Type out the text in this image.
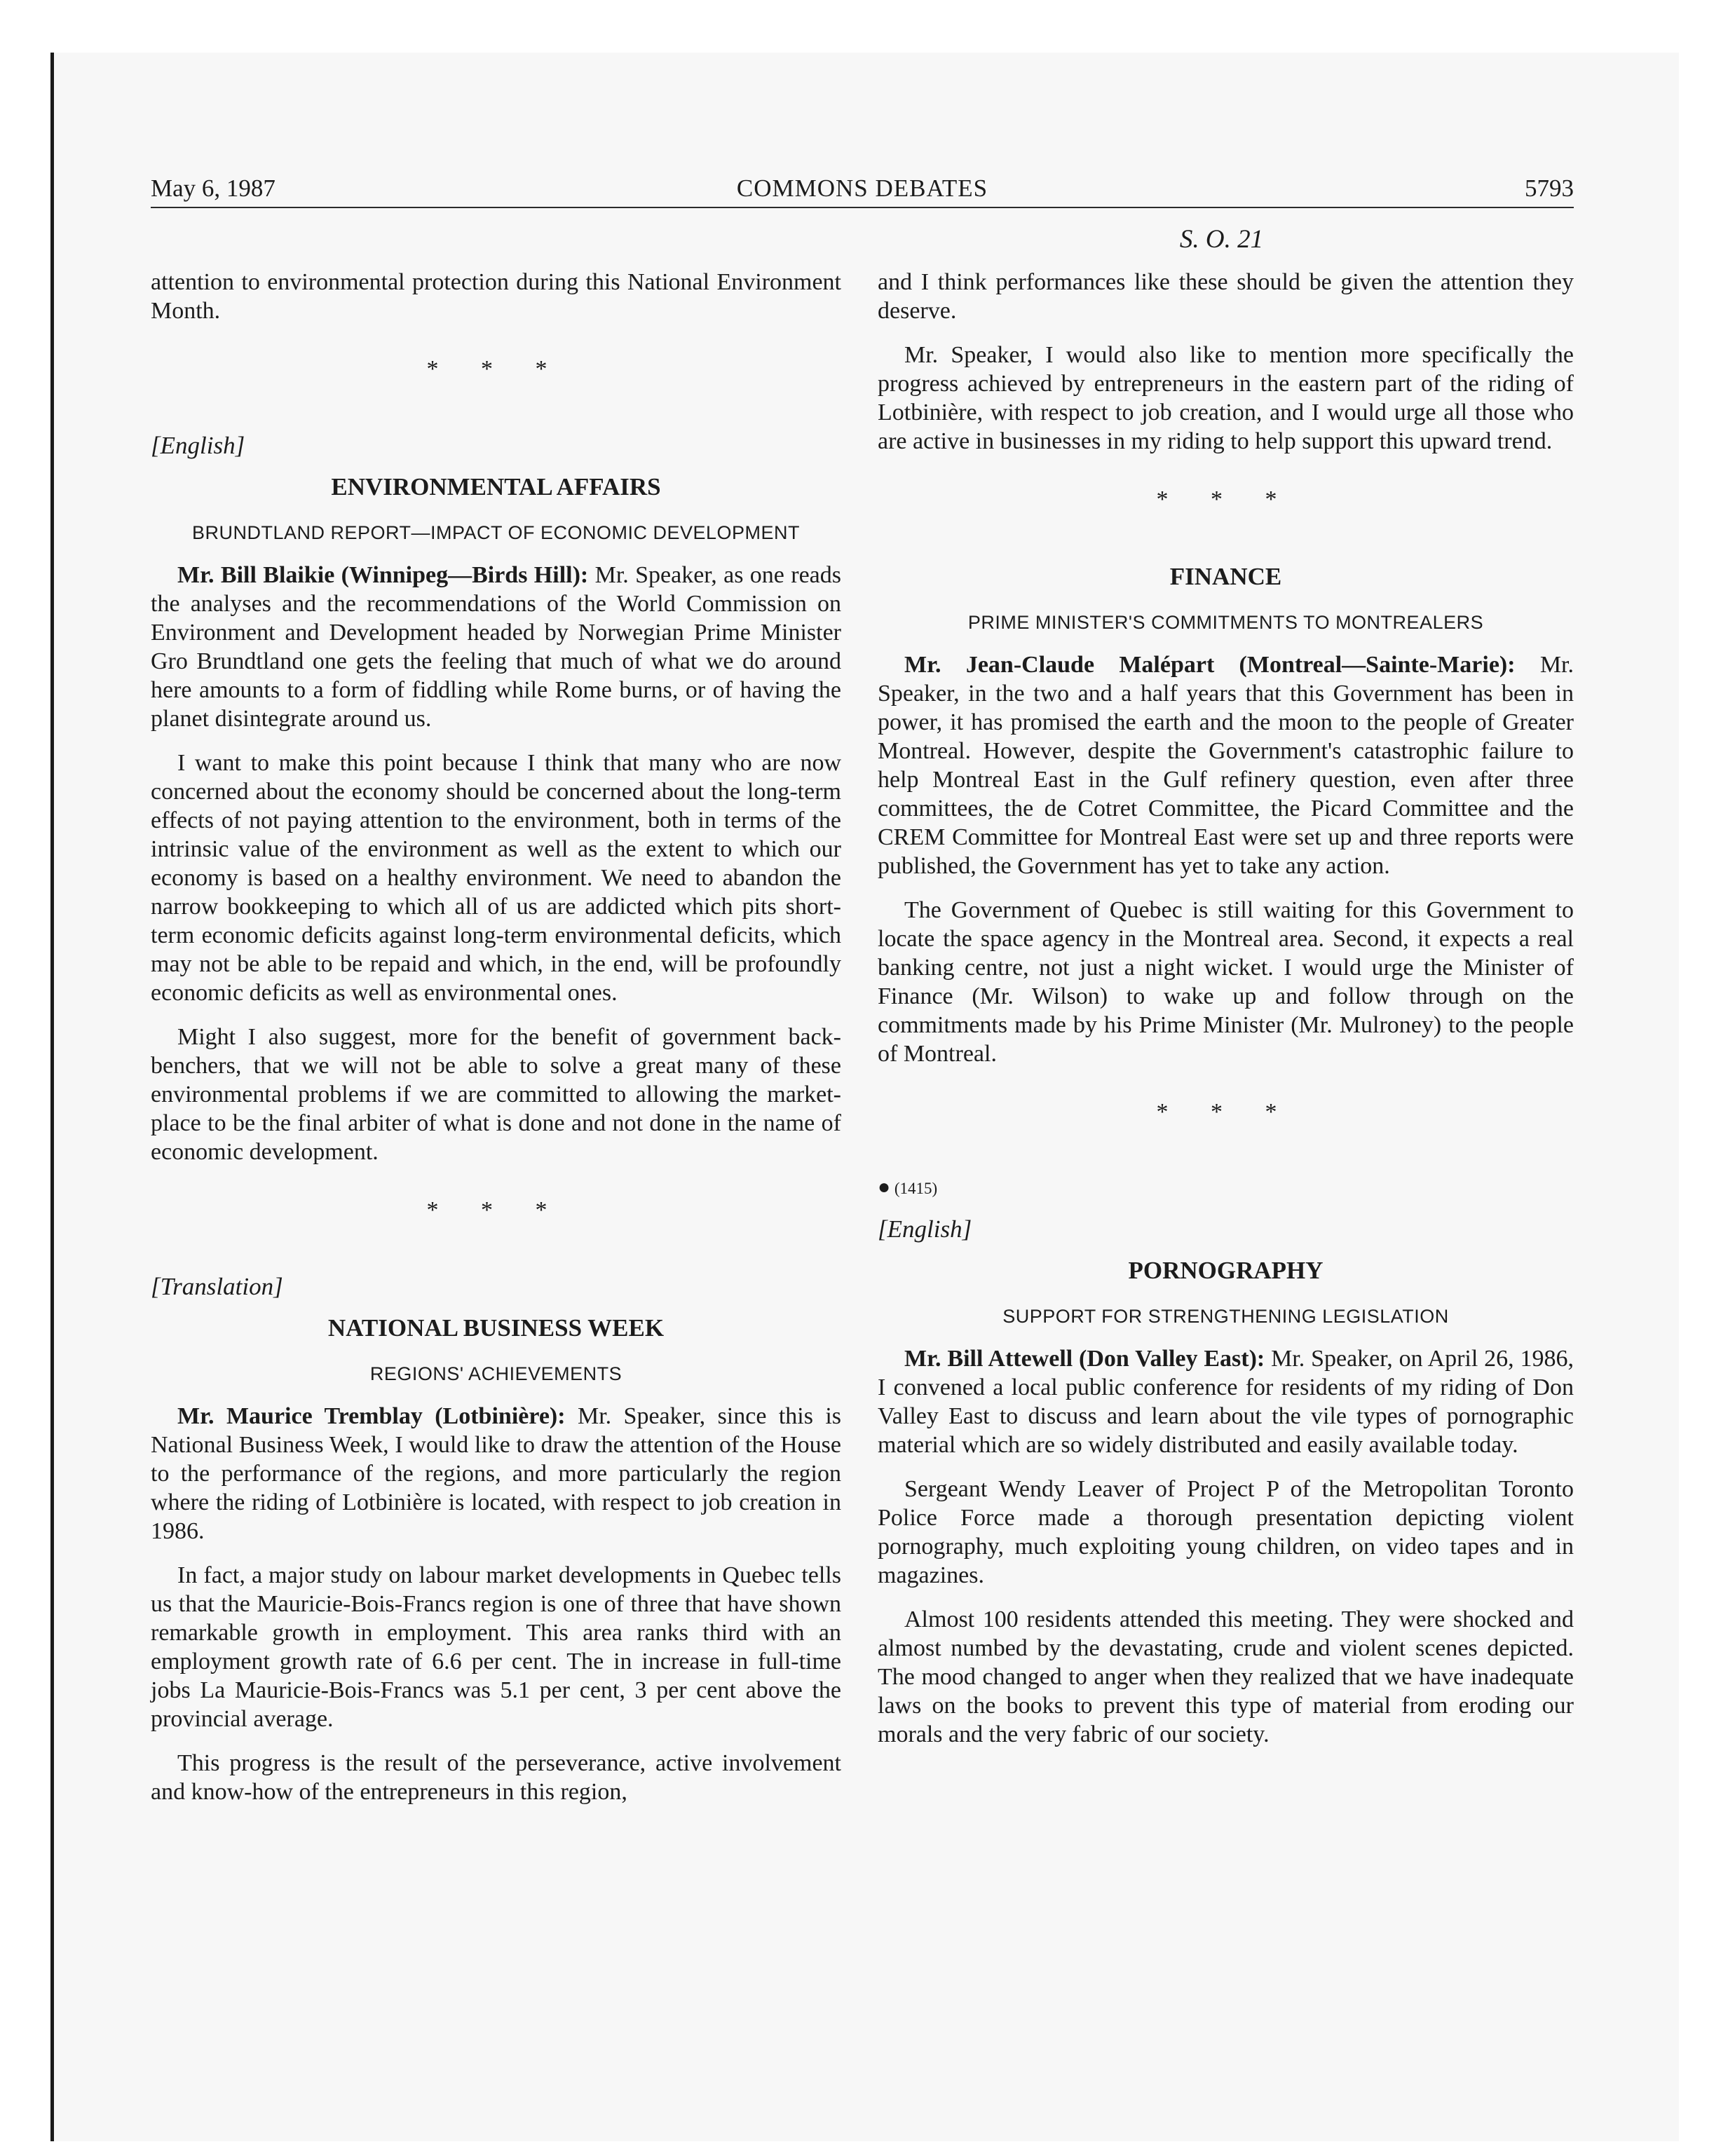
COMMONS DEBATES
May 6, 1987	5793
S. O. 21

attention to environmental protection during this National Environment Month.

* * *
[English]
ENVIRONMENTAL AFFAIRS
BRUNDTLAND REPORT—IMPACT OF ECONOMIC DEVELOPMENT

Mr. Bill Blaikie (Winnipeg—Birds Hill): Mr. Speaker, as one reads the analyses and the recommendations of the World Commission on Environment and Development headed by Norwegian Prime Minister Gro Brundtland one gets the feeling that much of what we do around here amounts to a form of fiddling while Rome burns, or of having the planet disintegrate around us.

I want to make this point because I think that many who are now concerned about the economy should be concerned about the long-term effects of not paying attention to the environment, both in terms of the intrinsic value of the environment as well as the extent to which our economy is based on a healthy environment. We need to abandon the narrow bookkeeping to which all of us are addicted which pits short-term economic deficits against long-term environmental deficits, which may not be able to be repaid and which, in the end, will be profoundly economic deficits as well as environmental ones.

Might I also suggest, more for the benefit of government back-benchers, that we will not be able to solve a great many of these environmental problems if we are committed to allowing the market-place to be the final arbiter of what is done and not done in the name of economic development.

* * *
[Translation]
NATIONAL BUSINESS WEEK
REGIONS' ACHIEVEMENTS

Mr. Maurice Tremblay (Lotbinière): Mr. Speaker, since this is National Business Week, I would like to draw the attention of the House to the performance of the regions, and more particularly the region where the riding of Lotbinière is located, with respect to job creation in 1986.

In fact, a major study on labour market developments in Quebec tells us that the Mauricie-Bois-Francs region is one of three that have shown remarkable growth in employment. This area ranks third with an employment growth rate of 6.6 per cent. The in increase in full-time jobs La Mauricie-Bois-Francs was 5.1 per cent, 3 per cent above the provincial average.

This progress is the result of the perseverance, active involvement and know-how of the entrepreneurs in this region,

and I think performances like these should be given the attention they deserve.

Mr. Speaker, I would also like to mention more specifically the progress achieved by entrepreneurs in the eastern part of the riding of Lotbinière, with respect to job creation, and I would urge all those who are active in businesses in my riding to help support this upward trend.

* * *
FINANCE
PRIME MINISTER'S COMMITMENTS TO MONTREALERS

Mr. Jean-Claude Malépart (Montreal—Sainte-Marie): Mr. Speaker, in the two and a half years that this Government has been in power, it has promised the earth and the moon to the people of Greater Montreal. However, despite the Government's catastrophic failure to help Montreal East in the Gulf refinery question, even after three committees, the de Cotret Committee, the Picard Committee and the CREM Committee for Montreal East were set up and three reports were published, the Government has yet to take any action.

The Government of Quebec is still waiting for this Government to locate the space agency in the Montreal area. Second, it expects a real banking centre, not just a night wicket. I would urge the Minister of Finance (Mr. Wilson) to wake up and follow through on the commitments made by his Prime Minister (Mr. Mulroney) to the people of Montreal.

* * *
● (1415)
[English]
PORNOGRAPHY
SUPPORT FOR STRENGTHENING LEGISLATION

Mr. Bill Attewell (Don Valley East): Mr. Speaker, on April 26, 1986, I convened a local public conference for residents of my riding of Don Valley East to discuss and learn about the vile types of pornographic material which are so widely distributed and easily available today.

Sergeant Wendy Leaver of Project P of the Metropolitan Toronto Police Force made a thorough presentation depicting violent pornography, much exploiting young children, on video tapes and in magazines.

Almost 100 residents attended this meeting. They were shocked and almost numbed by the devastating, crude and violent scenes depicted. The mood changed to anger when they realized that we have inadequate laws on the books to prevent this type of material from eroding our morals and the very fabric of our society.
